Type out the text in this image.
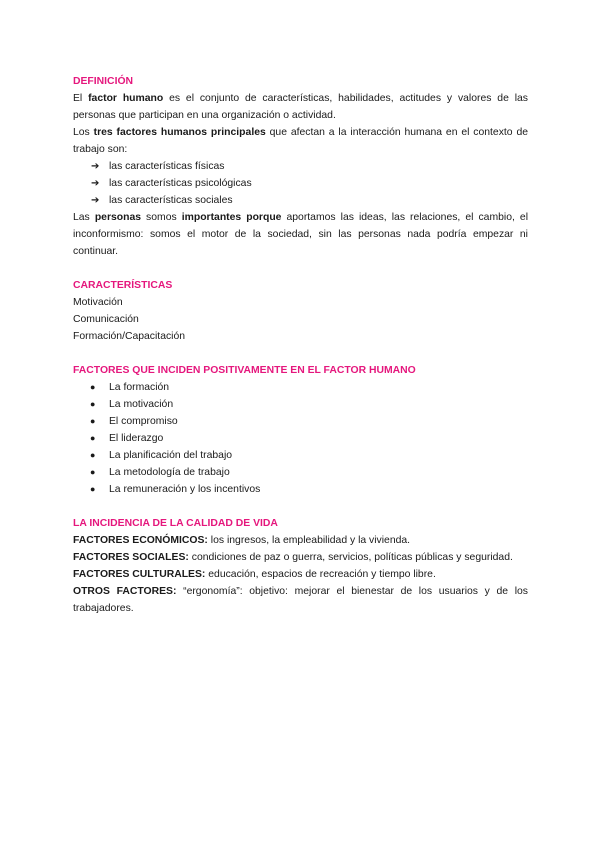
DEFINICIÓN

El factor humano es el conjunto de características, habilidades, actitudes y valores de las personas que participan en una organización o actividad.

Los tres factores humanos principales que afectan a la interacción humana en el contexto de trabajo son:

➔ las características físicas
➔ las características psicológicas
➔ las características sociales

Las personas somos importantes porque aportamos las ideas, las relaciones, el cambio, el inconformismo: somos el motor de la sociedad, sin las personas nada podría empezar ni continuar.

CARACTERÍSTICAS
Motivación
Comunicación
Formación/Capacitación
FACTORES QUE INCIDEN POSITIVAMENTE EN EL FACTOR HUMANO
● La formación
● La motivación
● El compromiso
● El liderazgo
● La planificación del trabajo
● La metodología de trabajo
● La remuneración y los incentivos
LA INCIDENCIA DE LA CALIDAD DE VIDA

FACTORES ECONÓMICOS: los ingresos, la empleabilidad y la vivienda.

FACTORES SOCIALES: condiciones de paz o guerra, servicios, políticas públicas y seguridad.

FACTORES CULTURALES: educación, espacios de recreación y tiempo libre.

OTROS FACTORES: “ergonomía”: objetivo: mejorar el bienestar de los usuarios y de los trabajadores.
